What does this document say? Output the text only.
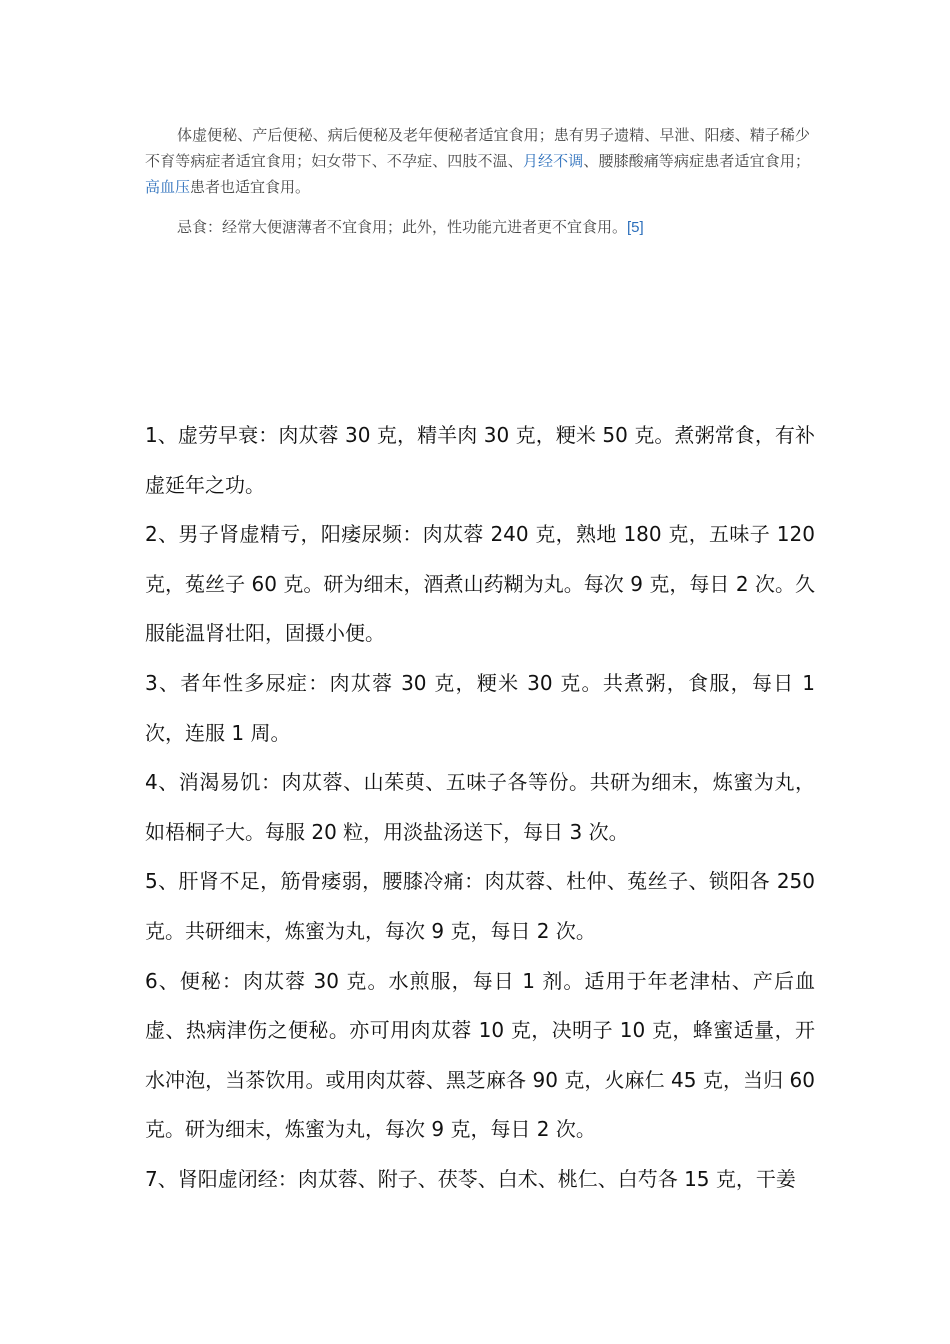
体虚便秘、产后便秘、病后便秘及老年便秘者适宜食用；患有男子遗精、早泄、阳痿、精子稀少不育等病症者适宜食用；妇女带下、不孕症、四肢不温、月经不调、腰膝酸痛等病症患者适宜食用；高血压患者也适宜食用。

忌食：经常大便溏薄者不宜食用；此外，性功能亢进者更不宜食用。[5]

1、虚劳早衰：肉苁蓉 30 克，精羊肉 30 克，粳米 50 克。煮粥常食，有补虚延年之功。

2、男子肾虚精亏，阳痿尿频：肉苁蓉 240 克，熟地 180 克，五味子 120 克，菟丝子 60 克。研为细末，酒煮山药糊为丸。每次 9 克，每日 2 次。久服能温肾壮阳，固摄小便。

3、者年性多尿症：肉苁蓉 30 克，粳米 30 克。共煮粥，食服，每日 1 次，连服 1 周。

4、消渴易饥：肉苁蓉、山茱萸、五味子各等份。共研为细末，炼蜜为丸，如梧桐子大。每服 20 粒，用淡盐汤送下，每日 3 次。

5、肝肾不足，筋骨痿弱，腰膝冷痛：肉苁蓉、杜仲、菟丝子、锁阳各 250 克。共研细末，炼蜜为丸，每次 9 克，每日 2 次。

6、便秘：肉苁蓉 30 克。水煎服，每日 1 剂。适用于年老津枯、产后血虚、热病津伤之便秘。亦可用肉苁蓉 10 克，决明子 10 克，蜂蜜适量，开水冲泡，当茶饮用。或用肉苁蓉、黑芝麻各 90 克，火麻仁 45 克，当归 60 克。研为细末，炼蜜为丸，每次 9 克，每日 2 次。

7、肾阳虚闭经：肉苁蓉、附子、茯苓、白术、桃仁、白芍各 15 克，干姜
